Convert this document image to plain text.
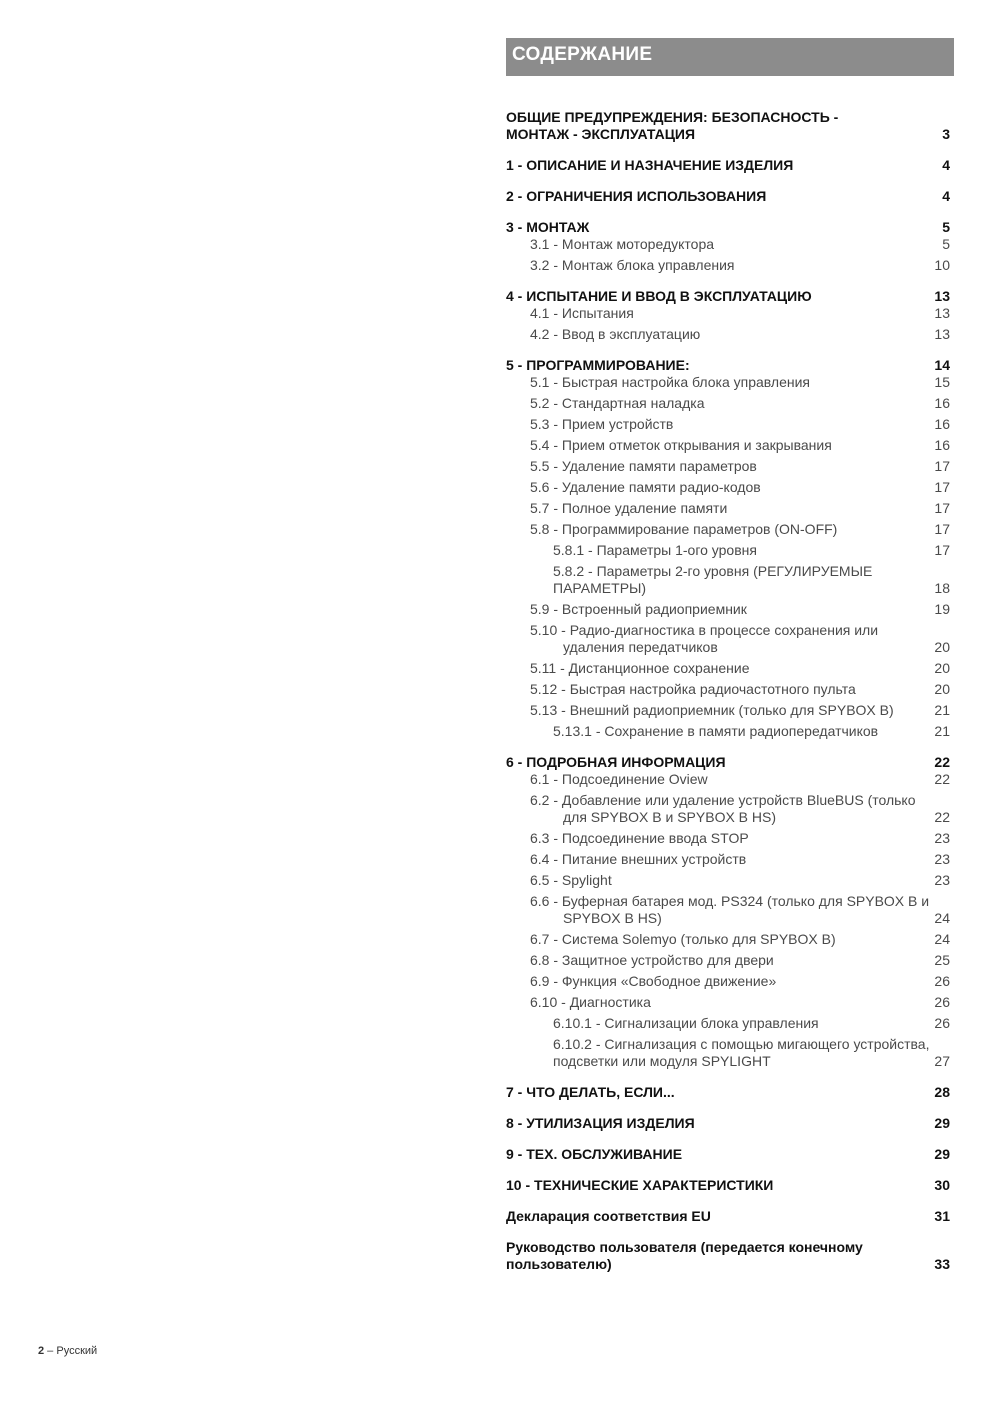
СОДЕРЖАНИЕ
ОБЩИЕ ПРЕДУПРЕЖДЕНИЯ: БЕЗОПАСНОСТЬ - МОНТАЖ - ЭКСПЛУАТАЦИЯ	3
1 - ОПИСАНИЕ И НАЗНАЧЕНИЕ ИЗДЕЛИЯ	4
2 - ОГРАНИЧЕНИЯ ИСПОЛЬЗОВАНИЯ	4
3 - МОНТАЖ	5
3.1 - Монтаж моторедуктора	5
3.2 - Монтаж блока управления	10
4 - ИСПЫТАНИЕ И ВВОД В ЭКСПЛУАТАЦИЮ	13
4.1 - Испытания	13
4.2 - Ввод в эксплуатацию	13
5 - ПРОГРАММИРОВАНИЕ:	14
5.1 - Быстрая настройка блока управления	15
5.2 - Стандартная наладка	16
5.3 - Прием устройств	16
5.4 - Прием отметок открывания и закрывания	16
5.5 - Удаление памяти параметров	17
5.6 - Удаление памяти радио-кодов	17
5.7 - Полное удаление памяти	17
5.8 - Программирование параметров (ON-OFF)	17
5.8.1 - Параметры 1-ого уровня	17
5.8.2 - Параметры 2-го уровня (РЕГУЛИРУЕМЫЕ ПАРАМЕТРЫ)	18
5.9 - Встроенный радиоприемник	19
5.10 - Радио-диагностика в процессе сохранения или удаления передатчиков	20
5.11 - Дистанционное сохранение	20
5.12 - Быстрая настройка радиочастотного пульта	20
5.13 - Внешний радиоприемник (только для SPYBOX B)	21
5.13.1 - Сохранение в памяти радиопередатчиков	21
6 - ПОДРОБНАЯ ИНФОРМАЦИЯ	22
6.1 - Подсоединение Oview	22
6.2 - Добавление или удаление устройств BlueBUS (только для SPYBOX B и SPYBOX B HS)	22
6.3 - Подсоединение ввода STOP	23
6.4 - Питание внешних устройств	23
6.5 - Spylight	23
6.6 - Буферная батарея мод. PS324 (только для SPYBOX B и SPYBOX B HS)	24
6.7 - Система Solemyo (только для SPYBOX B)	24
6.8 - Защитное устройство для двери	25
6.9 - Функция «Свободное движение»	26
6.10 - Диагностика	26
6.10.1 - Сигнализации блока управления	26
6.10.2 - Сигнализация с помощью мигающего устройства, подсветки или модуля SPYLIGHT	27
7 - ЧТО ДЕЛАТЬ, ЕСЛИ...	28
8 - УТИЛИЗАЦИЯ ИЗДЕЛИЯ	29
9 - ТЕХ. ОБСЛУЖИВАНИЕ	29
10 - ТЕХНИЧЕСКИЕ ХАРАКТЕРИСТИКИ	30
Декларация соответствия EU	31
Руководство пользователя (передается конечному пользователю)	33
2 – Русский
